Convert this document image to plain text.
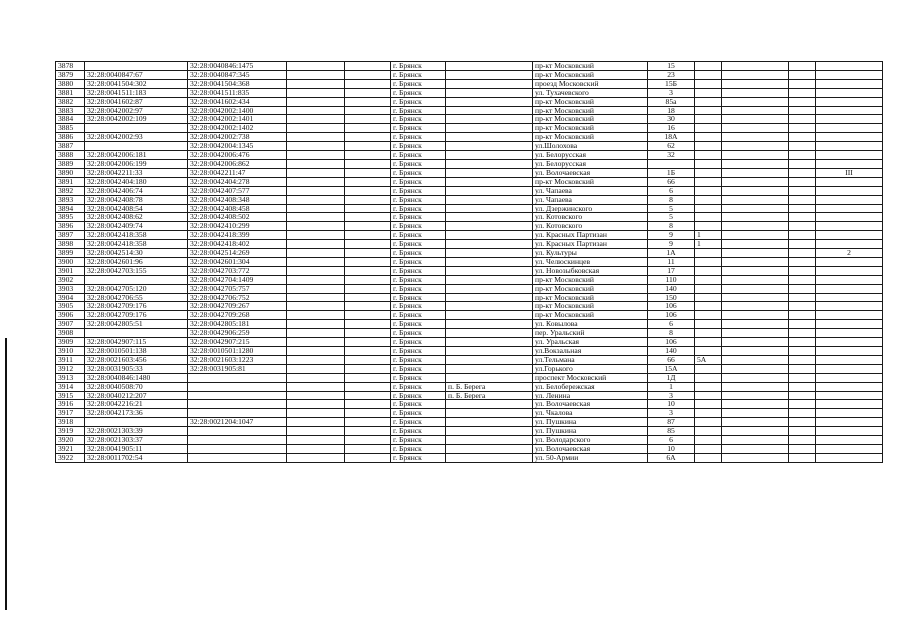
3878		32:28:0040846:1475			г. Брянск		пр-кт Московский	15				
3879	32:28:0040847:67	32:28:0040847:345			г. Брянск		пр-кт Московский	23				
3880	32:28:0041504:302	32:28:0041504:368			г. Брянск		проезд Московский	15Б				
3881	32:28:0041511:183	32:28:0041511:835			г. Брянск		ул. Тухачевского	3				
3882	32:28:0041602:87	32:28:0041602:434			г. Брянск		пр-кт Московский	85а				
3883	32:28:0042002:97	32:28:0042002:1400			г. Брянск		пр-кт Московский	18				
3884	32:28:0042002:109	32:28:0042002:1401			г. Брянск		пр-кт Московский	30				
3885		32:28:0042002:1402			г. Брянск		пр-кт Московский	16				
3886	32:28:0042002:93	32:28:0042002:738			г. Брянск		пр-кт Московский	18А				
3887		32:28:0042004:1345			г. Брянск		ул.Шолохова	62				
3888	32:28:0042006:181	32:28:0042006:476			г. Брянск		ул. Белорусская	32				
3889	32:28:0042006:199	32:28:0042006:862			г. Брянск		ул. Белорусская					
3890	32:28:0042211:33	32:28:0042211:47			г. Брянск		ул. Волочаевская	1Б				III
3891	32:28:0042404:180	32:28:0042404:278			г. Брянск		пр-кт Московский	66				
3892	32:28:0042406:74	32:28:0042407:577			г. Брянск		ул. Чапаева	6				
3893	32:28:0042408:78	32:28:0042408:348			г. Брянск		ул. Чапаева	8				
3894	32:28:0042408:54	32:28:0042408:458			г. Брянск		ул. Дзержинского	5				
3895	32:28:0042408:62	32:28:0042408:502			г. Брянск		ул. Котовского	5				
3896	32:28:0042409:74	32:28:0042410:299			г. Брянск		ул. Котовского	8				
3897	32:28:0042418:358	32:28:0042418:399			г. Брянск		ул. Красных Партизан	9	1			
3898	32:28:0042418:358	32:28:0042418:402			г. Брянск		ул. Красных Партизан	9	1			
3899	32:28:0042514:30	32:28:0042514:269			г. Брянск		ул. Культуры	1А				2
3900	32:28:0042601:96	32:28:0042601:304			г. Брянск		ул. Челюскинцев	11				
3901	32:28:0042703:155	32:28:0042703:772			г. Брянск		ул. Новозыбковская	17				
3902		32:28:0042704:1409			г. Брянск		пр-кт Московский	110				
3903	32:28:0042705:120	32:28:0042705:757			г. Брянск		пр-кт Московский	140				
3904	32:28:0042706:55	32:28:0042706:752			г. Брянск		пр-кт Московский	150				
3905	32:28:0042709:176	32:28:0042709:267			г. Брянск		пр-кт Московский	106				
3906	32:28:0042709:176	32:28:0042709:268			г. Брянск		пр-кт Московский	106				
3907	32:28:0042805:51	32:28:0042805:181			г. Брянск		ул. Ковылова	6				
3908		32:28:0042906:259			г. Брянск		пер. Уральский	8				
3909	32:28:0042907:115	32:28:0042907:215			г. Брянск		ул. Уральская	106				
3910	32:28:0010501:138	32:28:0010501:1280			г. Брянск		ул.Вокзальная	140				
3911	32:28:0021603:456	32:28:0021603:1223			г. Брянск		ул.Тельмана	66	5А			
3912	32:28:0031905:33	32:28:0031905:81			г. Брянск		ул.Горького	15А				
3913	32:28:0040846:1480				г. Брянск		проспект Московский	1Д				
3914	32:28:0040508:70				г. Брянск	п. Б. Берега	ул. Белобережская	1				
3915	32:28:0040212:207				г. Брянск	п. Б. Берега	ул. Ленина	3				
3916	32:28:0042216:21				г. Брянск		ул. Волочаевская	10				
3917	32:28:0042173:36				г. Брянск		ул. Чкалова	3				
3918		32:28:0021204:1047			г. Брянск		ул. Пушкина	87				
3919	32:28:0021303:39				г. Брянск		ул. Пушкина	85				
3920	32:28:0021303:37				г. Брянск		ул. Володарского	6				
3921	32:28:0041905:11				г. Брянск		ул. Волочаевская	10				
3922	32:28:0011702:54				г. Брянск		ул. 50-Армии	6А				
